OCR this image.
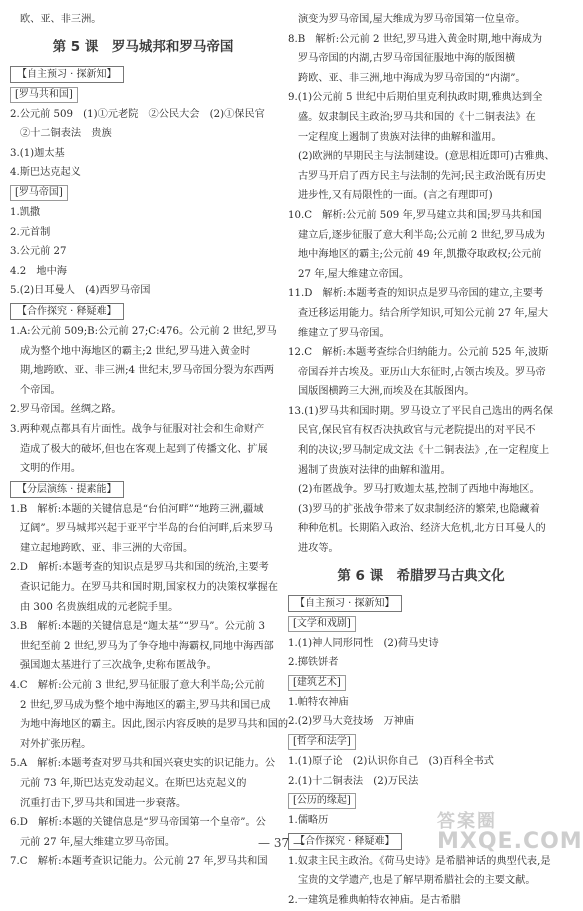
欧、亚、非三洲。
第 5 课　罗马城邦和罗马帝国
【自主预习 · 探新知】
[罗马共和国]
2.公元前 509　(1)①元老院　②公民大会　(2)①保民官
②十二铜表法　贵族
3.(1)迦太基
4.斯巴达克起义
[罗马帝国]
1.凯撒
2.元首制
3.公元前 27
4.2　地中海
5.(2)日耳曼人　(4)西罗马帝国
【合作探究 · 释疑难】
1.A:公元前 509;B:公元前 27;C:476。公元前 2 世纪,罗马
成为整个地中海地区的霸主;2 世纪,罗马进入黄金时
期,地跨欧、亚、非三洲;4 世纪末,罗马帝国分裂为东西两
个帝国。
2.罗马帝国。丝绸之路。
3.两种观点都具有片面性。战争与征服对社会和生命财产
造成了极大的破坏,但也在客观上起到了传播文化、扩展
文明的作用。
【分层演练 · 提素能】
1.B　解析:本题的关键信息是“台伯河畔”“地跨三洲,疆域
辽阔”。罗马城邦兴起于亚平宁半岛的台伯河畔,后来罗马
建立起地跨欧、亚、非三洲的大帝国。
2.D　解析:本题考查的知识点是罗马共和国的统治,主要考
查识记能力。在罗马共和国时期,国家权力的决策权掌握在
由 300 名贵族组成的元老院手里。
3.B　解析:本题的关键信息是“迦太基”“罗马”。公元前 3
世纪至前 2 世纪,罗马为了争夺地中海霸权,同地中海西部
强国迦太基进行了三次战争,史称布匿战争。
4.C　解析:公元前 3 世纪,罗马征服了意大利半岛;公元前
2 世纪,罗马成为整个地中海地区的霸主,罗马共和国已成
为地中海地区的霸主。因此,图示内容反映的是罗马共和国的
对外扩张历程。
5.A　解析:本题考查对罗马共和国兴衰史实的识记能力。公
元前 73 年,斯巴达克发动起义。在斯巴达克起义的
沉重打击下,罗马共和国进一步衰落。
6.D　解析:本题的关键信息是“罗马帝国第一个皇帝”。公
元前 27 年,屋大维建立罗马帝国。
7.C　解析:本题考查识记能力。公元前 27 年,罗马共和国
演变为罗马帝国,屋大维成为罗马帝国第一位皇帝。
8.B　解析:公元前 2 世纪,罗马进入黄金时期,地中海成为
罗马帝国的内湖,古罗马帝国征服地中海的版图横
跨欧、亚、非三洲,地中海成为罗马帝国的“内湖”。
9.(1)公元前 5 世纪中后期伯里克利执政时期,雅典达到全
盛。奴隶制民主政治;罗马共和国的《十二铜表法》在
一定程度上遏制了贵族对法律的曲解和滥用。
(2)欧洲的早期民主与法制建设。(意思相近即可)古雅典、
古罗马开启了西方民主与法制的先河;民主政治既有历史
进步性,又有局限性的一面。(言之有理即可)
10.C　解析:公元前 509 年,罗马建立共和国;罗马共和国
建立后,逐步征服了意大利半岛;公元前 2 世纪,罗马成为
地中海地区的霸主;公元前 49 年,凯撒夺取政权;公元前
27 年,屋大维建立帝国。
11.D　解析:本题考查的知识点是罗马帝国的建立,主要考
查迁移运用能力。结合所学知识,可知公元前 27 年,屋大
维建立了罗马帝国。
12.C　解析:本题考查综合归纳能力。公元前 525 年,波斯
帝国吞并古埃及。亚历山大东征时,占领古埃及。罗马帝
国版图横跨三大洲,而埃及在其版图内。
13.(1)罗马共和国时期。罗马设立了平民自己选出的两名保
民官,保民官有权否决执政官与元老院提出的对平民不
利的决议;罗马制定成文法《十二铜表法》,在一定程度上
遏制了贵族对法律的曲解和滥用。
(2)布匿战争。罗马打败迦太基,控制了西地中海地区。
(3)罗马的扩张战争带来了奴隶制经济的繁荣,也隐藏着
种种危机。长期陷入政治、经济大危机,北方日耳曼人的
进攻等。
第 6 课　希腊罗马古典文化
【自主预习 · 探新知】
[文学和戏剧]
1.(1)神人同形同性　(2)荷马史诗
2.掷铁饼者
[建筑艺术]
1.帕特农神庙
2.(2)罗马大竞技场　万神庙
[哲学和法学]
1.(1)原子论　(2)认识你自己　(3)百科全书式
2.(1)十二铜表法　(2)万民法
[公历的缘起]
1.儒略历
【合作探究 · 释疑难】
1.奴隶主民主政治。《荷马史诗》是希腊神话的典型代表,是
宝贵的文学遗产,也是了解早期希腊社会的主要文献。
2.一建筑是雅典帕特农神庙。是古希腊
— 37 —
答案圈
MXQE.COM
